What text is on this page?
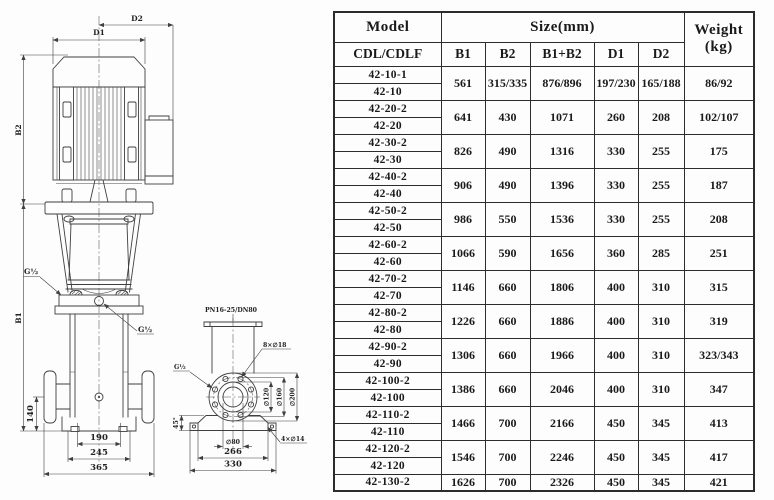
G½
G½
D2
D1
B2
B1
140
190
245
365
PN16-25/DN80
8×∅18
G½
4×∅14
45°
∅120 ∅160 ∅200
∅80
266
330
Model	Size(mm)					Weight
(kg)

CDL/CDLF	B1	B2	B1+B2	D1	D2	
42-10-1	561	315/335	876/896	197/230	165/188	86/92
42-10						
42-20-2	641	430	1071	260	208	102/107
42-20						
42-30-2	826	490	1316	330	255	175
42-30						
42-40-2	906	490	1396	330	255	187
42-40						
42-50-2	986	550	1536	330	255	208
42-50						
42-60-2	1066	590	1656	360	285	251
42-60						
42-70-2	1146	660	1806	400	310	315
42-70						
42-80-2	1226	660	1886	400	310	319
42-80						
42-90-2	1306	660	1966	400	310	323/343
42-90						
42-100-2	1386	660	2046	400	310	347
42-100						
42-110-2	1466	700	2166	450	345	413
42-110						
42-120-2	1546	700	2246	450	345	417
42-120						
42-130-2	1626	700	2326	450	345	421
